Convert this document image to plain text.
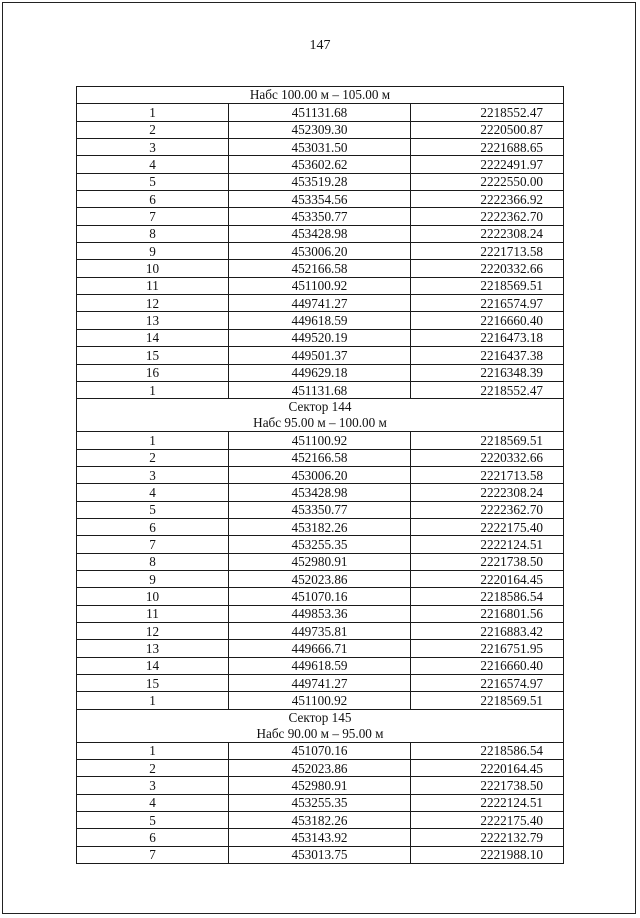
147
Набс 100.00 м – 105.00 м		

1	451131.68	2218552.47
2	452309.30	2220500.87
3	453031.50	2221688.65
4	453602.62	2222491.97
5	453519.28	2222550.00
6	453354.56	2222366.92
7	453350.77	2222362.70
8	453428.98	2222308.24
9	453006.20	2221713.58
10	452166.58	2220332.66
11	451100.92	2218569.51
12	449741.27	2216574.97
13	449618.59	2216660.40
14	449520.19	2216473.18
15	449501.37	2216437.38
16	449629.18	2216348.39
1	451131.68	2218552.47

Сектор 144
Набс 95.00 м – 100.00 м		

1	451100.92	2218569.51
2	452166.58	2220332.66
3	453006.20	2221713.58
4	453428.98	2222308.24
5	453350.77	2222362.70
6	453182.26	2222175.40
7	453255.35	2222124.51
8	452980.91	2221738.50
9	452023.86	2220164.45
10	451070.16	2218586.54
11	449853.36	2216801.56
12	449735.81	2216883.42
13	449666.71	2216751.95
14	449618.59	2216660.40
15	449741.27	2216574.97
1	451100.92	2218569.51

Сектор 145
Набс 90.00 м – 95.00 м		

1	451070.16	2218586.54
2	452023.86	2220164.45
3	452980.91	2221738.50
4	453255.35	2222124.51
5	453182.26	2222175.40
6	453143.92	2222132.79
7	453013.75	2221988.10
